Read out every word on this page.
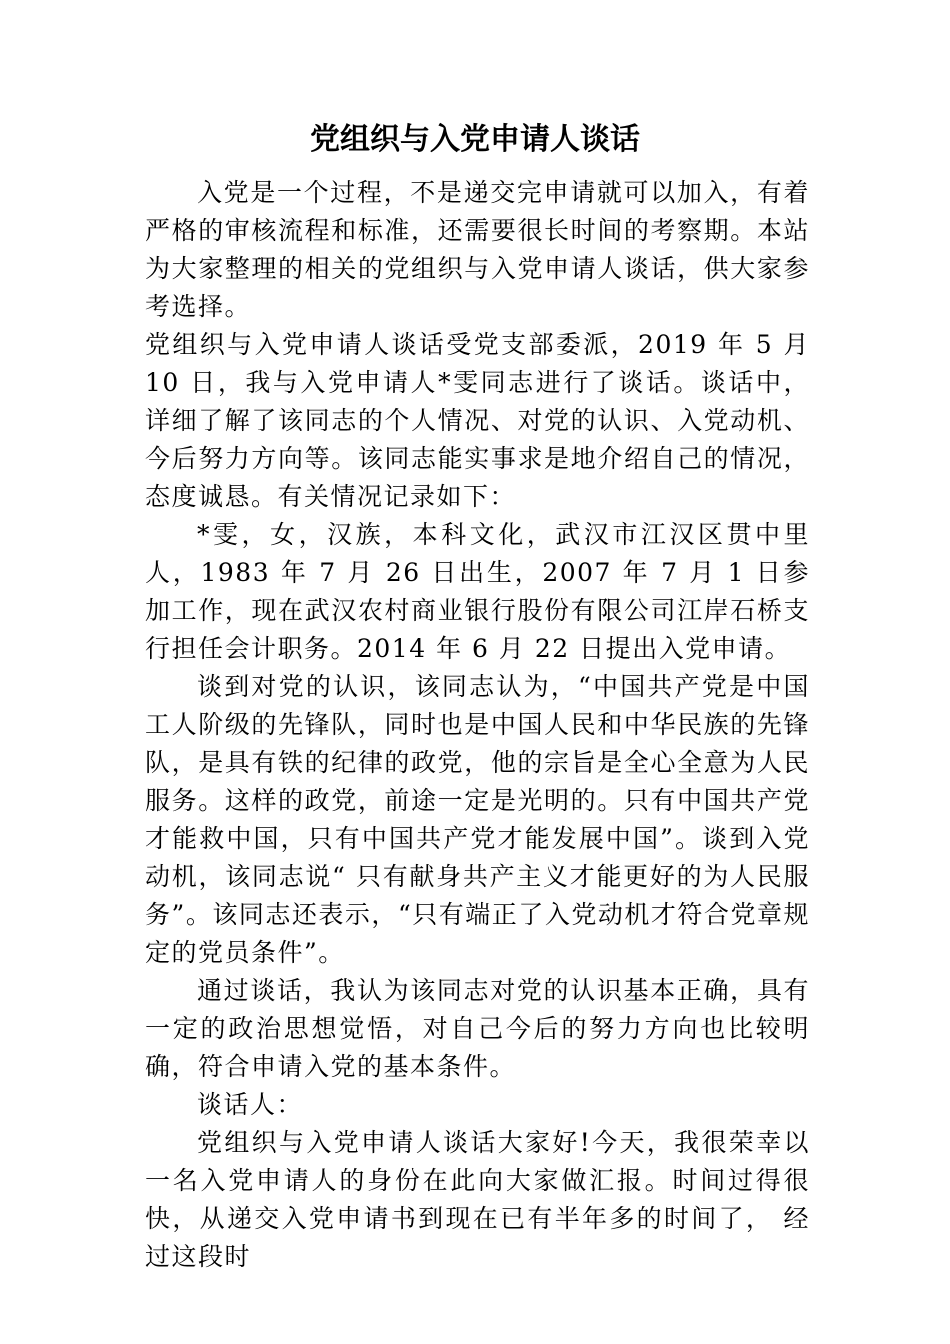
党组织与入党申请人谈话

入党是一个过程，不是递交完申请就可以加入，有着严格的审核流程和标准，还需要很长时间的考察期。本站为大家整理的相关的党组织与入党申请人谈话，供大家参考选择。

党组织与入党申请人谈话受党支部委派，2019 年 5 月 10 日，我与入党申请人*雯同志进行了谈话。谈话中，详细了解了该同志的个人情况、对党的认识、入党动机、今后努力方向等。该同志能实事求是地介绍自己的情况，态度诚恳。有关情况记录如下：

*雯，女，汉族，本科文化，武汉市江汉区贯中里人，1983 年 7 月 26 日出生，2007 年 7 月 1 日参加工作，现在武汉农村商业银行股份有限公司江岸石桥支行担任会计职务。2014 年 6 月 22 日提出入党申请。

谈到对党的认识，该同志认为，“中国共产党是中国工人阶级的先锋队，同时也是中国人民和中华民族的先锋队，是具有铁的纪律的政党，他的宗旨是全心全意为人民服务。这样的政党，前途一定是光明的。只有中国共产党才能救中国，只有中国共产党才能发展中国”。谈到入党动机，该同志说“ 只有献身共产主义才能更好的为人民服务”。该同志还表示，“只有端正了入党动机才符合党章规定的党员条件”。

通过谈话，我认为该同志对党的认识基本正确，具有一定的政治思想觉悟，对自己今后的努力方向也比较明确，符合申请入党的基本条件。

谈话人：

党组织与入党申请人谈话大家好!今天，我很荣幸以一名入党申请人的身份在此向大家做汇报。时间过得很快，从递交入党申请书到现在已有半年多的时间了， 经过这段时
